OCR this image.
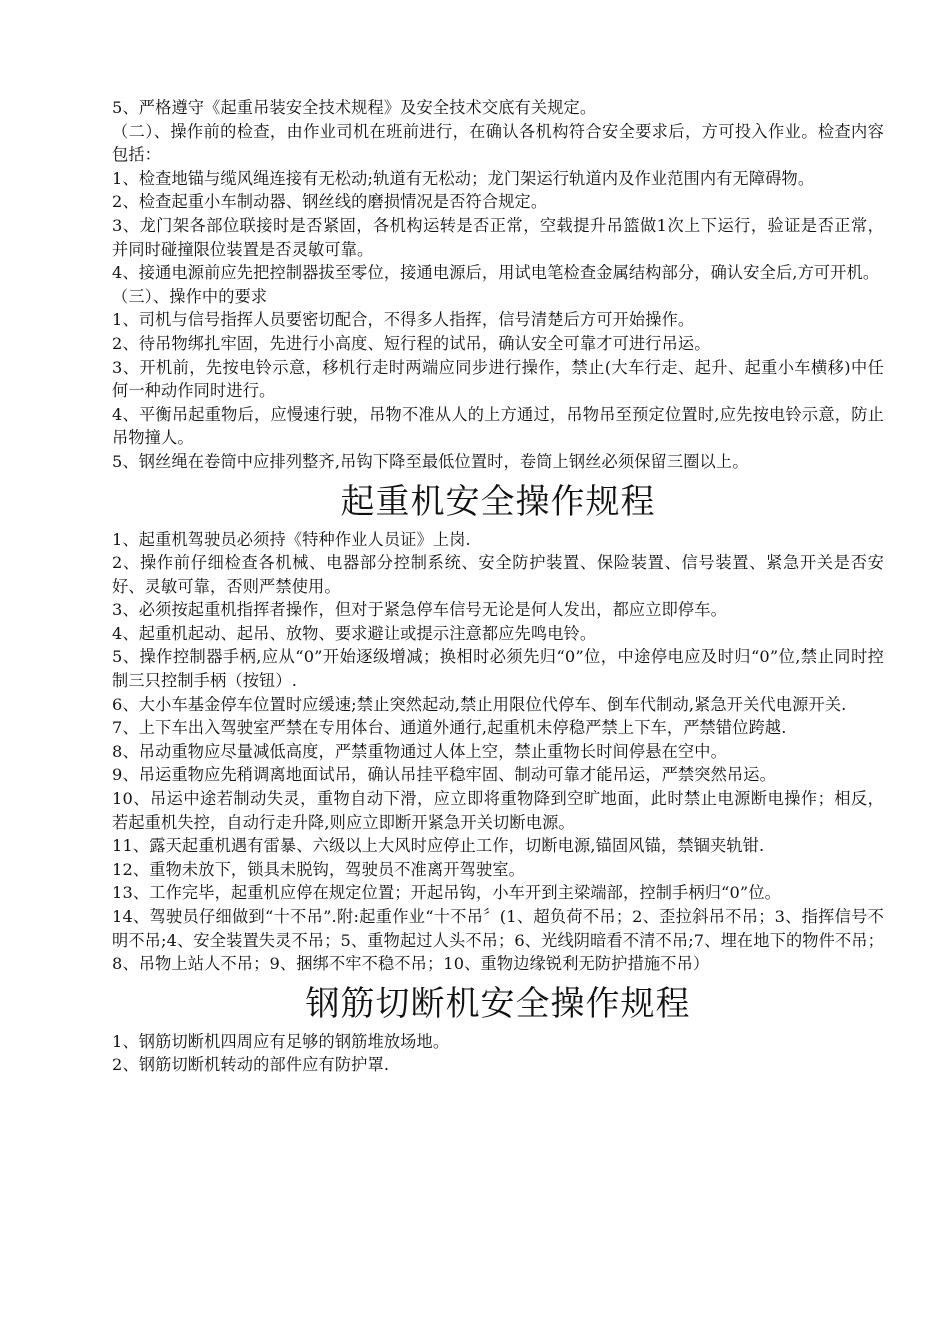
5、严格遵守《起重吊装安全技术规程》及安全技术交底有关规定。

（二）、操作前的检查，由作业司机在班前进行，在确认各机构符合安全要求后，方可投入作业。检查内容包括：

1、检查地锚与缆风绳连接有无松动;轨道有无松动；龙门架运行轨道内及作业范围内有无障碍物。

2、检查起重小车制动器、钢丝线的磨损情况是否符合规定。

3、龙门架各部位联接时是否紧固，各机构运转是否正常，空载提升吊篮做1次上下运行，验证是否正常，并同时碰撞限位装置是否灵敏可靠。

4、接通电源前应先把控制器拔至零位，接通电源后，用试电笔检查金属结构部分，确认安全后,方可开机。

（三）、操作中的要求

1、司机与信号指挥人员要密切配合，不得多人指挥，信号清楚后方可开始操作。

2、待吊物绑扎牢固，先进行小高度、短行程的试吊，确认安全可靠才可进行吊运。

3、开机前，先按电铃示意，移机行走时两端应同步进行操作，禁止(大车行走、起升、起重小车横移)中任何一种动作同时进行。

4、平衡吊起重物后，应慢速行驶，吊物不准从人的上方通过，吊物吊至预定位置时,应先按电铃示意，防止吊物撞人。

5、钢丝绳在卷筒中应排列整齐,吊钩下降至最低位置时，卷筒上钢丝必须保留三圈以上。

起重机安全操作规程

1、起重机驾驶员必须持《特种作业人员证》上岗.

2、操作前仔细检查各机械、电器部分控制系统、安全防护装置、保险装置、信号装置、紧急开关是否安好、灵敏可靠，否则严禁使用。

3、必须按起重机指挥者操作，但对于紧急停车信号无论是何人发出，都应立即停车。

4、起重机起动、起吊、放物、要求避让或提示注意都应先鸣电铃。

5、操作控制器手柄,应从“0”开始逐级增减；换相时必须先归“0”位，中途停电应及时归“0”位,禁止同时控制三只控制手柄（按钮）.

6、大小车基金停车位置时应缓速;禁止突然起动,禁止用限位代停车、倒车代制动,紧急开关代电源开关.

7、上下车出入驾驶室严禁在专用体台、通道外通行,起重机未停稳严禁上下车，严禁错位跨越.

8、吊动重物应尽量减低高度，严禁重物通过人体上空，禁止重物长时间停悬在空中。

9、吊运重物应先稍调离地面试吊，确认吊挂平稳牢固、制动可靠才能吊运，严禁突然吊运。

10、吊运中途若制动失灵，重物自动下滑，应立即将重物降到空旷地面，此时禁止电源断电操作；相反，若起重机失控，自动行走升降,则应立即断开紧急开关切断电源。

11、露天起重机遇有雷暴、六级以上大风时应停止工作，切断电源,锚固风锚，禁锢夹轨钳.

12、重物未放下，锁具未脱钩，驾驶员不准离开驾驶室。

13、工作完毕，起重机应停在规定位置；开起吊钩，小车开到主梁端部，控制手柄归“0”位。

14、驾驶员仔细做到“十不吊”.附:起重作业“十不吊〞(1、超负荷不吊；2、歪拉斜吊不吊；3、指挥信号不明不吊;4、安全装置失灵不吊；5、重物起过人头不吊；6、光线阴暗看不清不吊;7、埋在地下的物件不吊；8、吊物上站人不吊；9、捆绑不牢不稳不吊；10、重物边缘锐利无防护措施不吊）

钢筋切断机安全操作规程

1、钢筋切断机四周应有足够的钢筋堆放场地。

2、钢筋切断机转动的部件应有防护罩.
